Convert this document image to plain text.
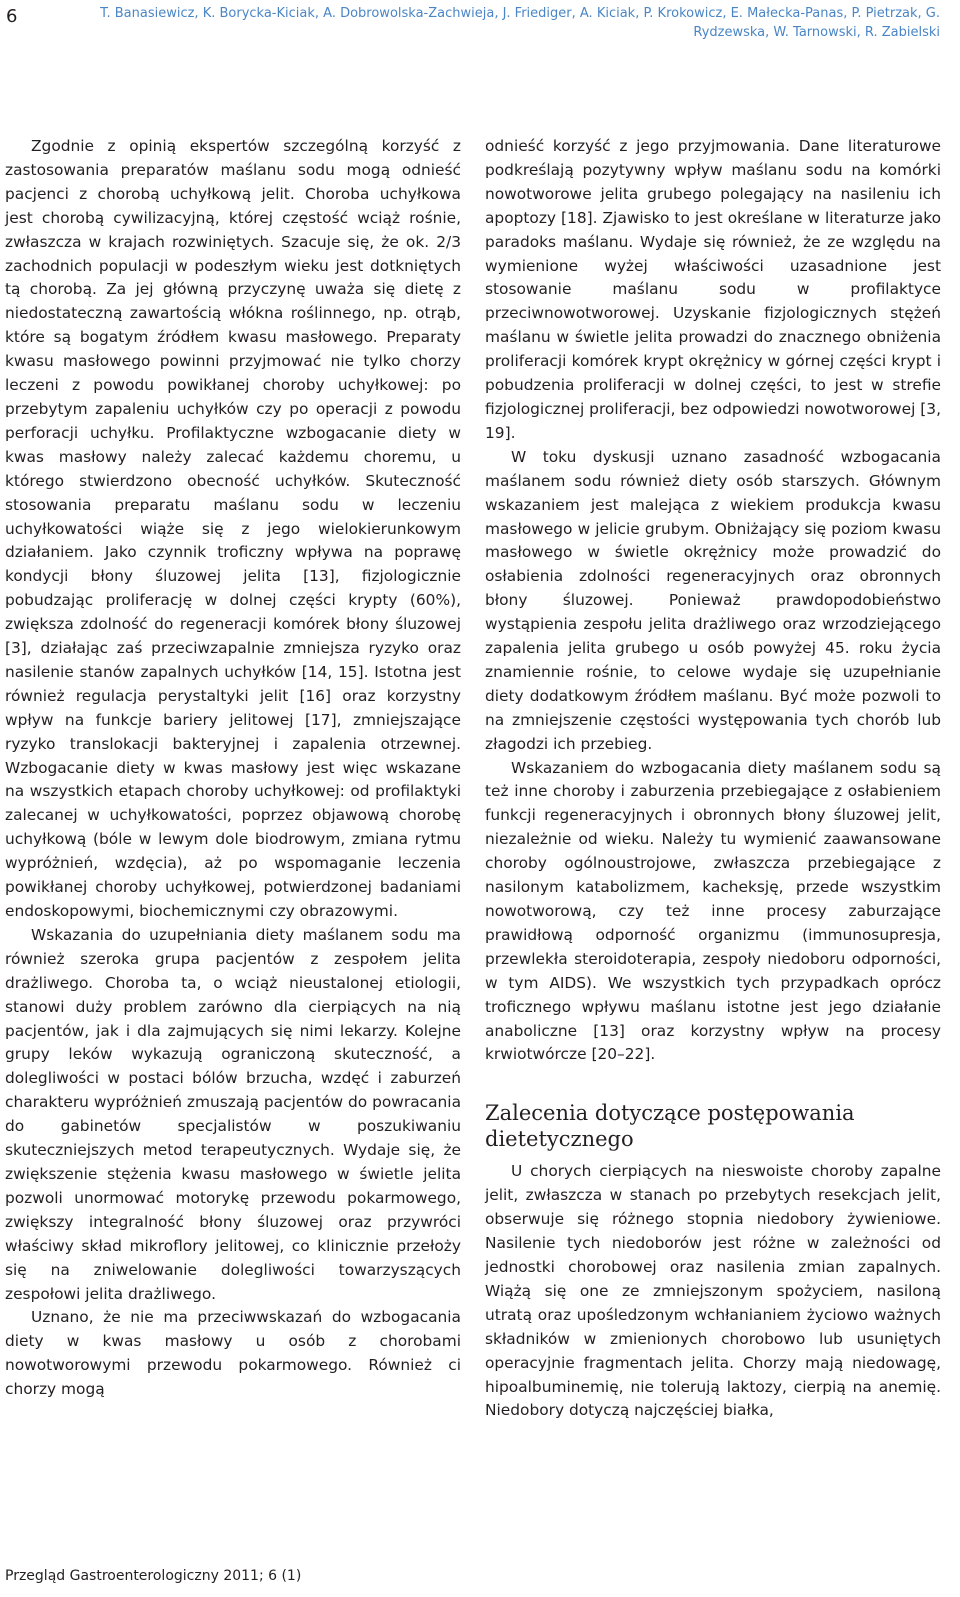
6	T. Banasiewicz, K. Borycka-Kiciak, A. Dobrowolska-Zachwieja, J. Friediger, A. Kiciak, P. Krokowicz, E. Małecka-Panas, P. Pietrzak, G. Rydzewska, W. Tarnowski, R. Zabielski

Zgodnie z opinią ekspertów szczególną korzyść z zastosowania preparatów maślanu sodu mogą odnieść pacjenci z chorobą uchyłkową jelit. Choroba uchyłkowa jest chorobą cywilizacyjną, której częstość wciąż rośnie, zwłaszcza w krajach rozwiniętych. Szacuje się, że ok. 2/3 zachodnich populacji w podeszłym wieku jest dotkniętych tą chorobą. Za jej główną przyczynę uważa się dietę z niedostateczną zawartością włókna roślinnego, np. otrąb, które są bogatym źródłem kwasu masłowego. Preparaty kwasu masłowego powinni przyjmować nie tylko chorzy leczeni z powodu powikłanej choroby uchyłkowej: po przebytym zapaleniu uchyłków czy po operacji z powodu perforacji uchyłku. Profilaktyczne wzbogacanie diety w kwas masłowy należy zalecać każdemu choremu, u którego stwierdzono obecność uchyłków. Skuteczność stosowania preparatu maślanu sodu w leczeniu uchyłkowatości wiąże się z jego wielokierunkowym działaniem. Jako czynnik troficzny wpływa na poprawę kondycji błony śluzowej jelita [13], fizjologicznie pobudzając proliferację w dolnej części krypty (60%), zwiększa zdolność do regeneracji komórek błony śluzowej [3], działając zaś przeciwzapalnie zmniejsza ryzyko oraz nasilenie stanów zapalnych uchyłków [14, 15]. Istotna jest również regulacja perystaltyki jelit [16] oraz korzystny wpływ na funkcje bariery jelitowej [17], zmniejszające ryzyko translokacji bakteryjnej i zapalenia otrzewnej. Wzbogacanie diety w kwas masłowy jest więc wskazane na wszystkich etapach choroby uchyłkowej: od profilaktyki zalecanej w uchyłkowatości, poprzez objawową chorobę uchyłkową (bóle w lewym dole biodrowym, zmiana rytmu wypróżnień, wzdęcia), aż po wspomaganie leczenia powikłanej choroby uchyłkowej, potwierdzonej badaniami endoskopowymi, biochemicznymi czy obrazowymi.

Wskazania do uzupełniania diety maślanem sodu ma również szeroka grupa pacjentów z zespołem jelita drażliwego. Choroba ta, o wciąż nieustalonej etiologii, stanowi duży problem zarówno dla cierpiących na nią pacjentów, jak i dla zajmujących się nimi lekarzy. Kolejne grupy leków wykazują ograniczoną skuteczność, a dolegliwości w postaci bólów brzucha, wzdęć i zaburzeń charakteru wypróżnień zmuszają pacjentów do powracania do gabinetów specjalistów w poszukiwaniu skuteczniejszych metod terapeutycznych. Wydaje się, że zwiększenie stężenia kwasu masłowego w świetle jelita pozwoli unormować motorykę przewodu pokarmowego, zwiększy integralność błony śluzowej oraz przywróci właściwy skład mikroflory jelitowej, co klinicznie przełoży się na zniwelowanie dolegliwości towarzyszących zespołowi jelita drażliwego.

Uznano, że nie ma przeciwwskazań do wzbogacania diety w kwas masłowy u osób z chorobami nowotworowymi przewodu pokarmowego. Również ci chorzy mogą

odnieść korzyść z jego przyjmowania. Dane literaturowe podkreślają pozytywny wpływ maślanu sodu na komórki nowotworowe jelita grubego polegający na nasileniu ich apoptozy [18]. Zjawisko to jest określane w literaturze jako paradoks maślanu. Wydaje się również, że ze względu na wymienione wyżej właściwości uzasadnione jest stosowanie maślanu sodu w profilaktyce przeciwnowotworowej. Uzyskanie fizjologicznych stężeń maślanu w świetle jelita prowadzi do znacznego obniżenia proliferacji komórek krypt okrężnicy w górnej części krypt i pobudzenia proliferacji w dolnej części, to jest w strefie fizjologicznej proliferacji, bez odpowiedzi nowotworowej [3, 19].

W toku dyskusji uznano zasadność wzbogacania maślanem sodu również diety osób starszych. Głównym wskazaniem jest malejąca z wiekiem produkcja kwasu masłowego w jelicie grubym. Obniżający się poziom kwasu masłowego w świetle okrężnicy może prowadzić do osłabienia zdolności regeneracyjnych oraz obronnych błony śluzowej. Ponieważ prawdopodobieństwo wystąpienia zespołu jelita drażliwego oraz wrzodziejącego zapalenia jelita grubego u osób powyżej 45. roku życia znamiennie rośnie, to celowe wydaje się uzupełnianie diety dodatkowym źródłem maślanu. Być może pozwoli to na zmniejszenie częstości występowania tych chorób lub złagodzi ich przebieg.

Wskazaniem do wzbogacania diety maślanem sodu są też inne choroby i zaburzenia przebiegające z osłabieniem funkcji regeneracyjnych i obronnych błony śluzowej jelit, niezależnie od wieku. Należy tu wymienić zaawansowane choroby ogólnoustrojowe, zwłaszcza przebiegające z nasilonym katabolizmem, kacheksję, przede wszystkim nowotworową, czy też inne procesy zaburzające prawidłową odporność organizmu (immunosupresja, przewlekła steroidoterapia, zespoły niedoboru odporności, w tym AIDS). We wszystkich tych przypadkach oprócz troficznego wpływu maślanu istotne jest jego działanie anaboliczne [13] oraz korzystny wpływ na procesy krwiotwórcze [20–22].

Zalecenia dotyczące postępowania dietetycznego

U chorych cierpiących na nieswoiste choroby zapalne jelit, zwłaszcza w stanach po przebytych resekcjach jelit, obserwuje się różnego stopnia niedobory żywieniowe. Nasilenie tych niedoborów jest różne w zależności od jednostki chorobowej oraz nasilenia zmian zapalnych. Wiążą się one ze zmniejszonym spożyciem, nasiloną utratą oraz upośledzonym wchłanianiem życiowo ważnych składników w zmienionych chorobowo lub usuniętych operacyjnie fragmentach jelita. Chorzy mają niedowagę, hipoalbuminemię, nie tolerują laktozy, cierpią na anemię. Niedobory dotyczą najczęściej białka,

Przegląd Gastroenterologiczny 2011; 6 (1)
